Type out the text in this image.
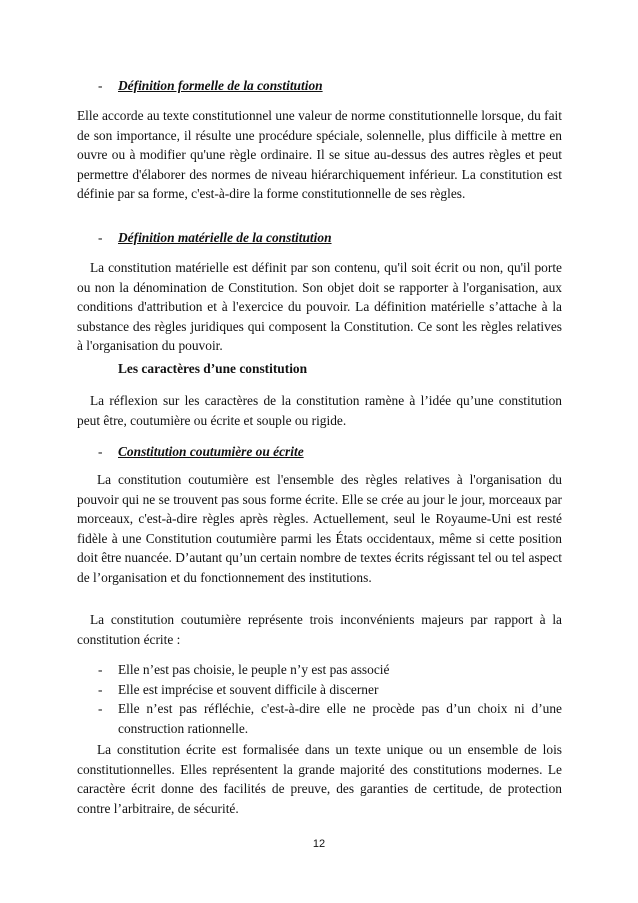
- Définition formelle de la constitution
Elle accorde au texte constitutionnel une valeur de norme constitutionnelle lorsque, du fait de son importance, il résulte une procédure spéciale, solennelle, plus difficile à mettre en ouvre ou à modifier qu'une règle ordinaire. Il se situe au-dessus des autres règles et peut permettre d'élaborer des normes de niveau hiérarchiquement inférieur. La constitution est définie par sa forme, c'est-à-dire la forme constitutionnelle de ses règles.
- Définition matérielle de la constitution
La constitution matérielle est définit par son contenu, qu'il soit écrit ou non, qu'il porte ou non la dénomination de Constitution. Son objet doit se rapporter à l'organisation, aux conditions d'attribution et à l'exercice du pouvoir. La définition matérielle s’attache à la substance des règles juridiques qui composent la Constitution. Ce sont les règles relatives à l'organisation du pouvoir.
Les caractères d’une constitution
La réflexion sur les caractères de la constitution ramène à l’idée qu’une constitution peut être, coutumière ou écrite et souple ou rigide.
- Constitution coutumière ou écrite
La constitution coutumière est l'ensemble des règles relatives à l'organisation du pouvoir qui ne se trouvent pas sous forme écrite. Elle se crée au jour le jour, morceaux par morceaux, c'est-à-dire règles après règles. Actuellement, seul le Royaume-Uni est resté fidèle à une Constitution coutumière parmi les États occidentaux, même si cette position doit être nuancée. D’autant qu’un certain nombre de textes écrits régissant tel ou tel aspect de l’organisation et du fonctionnement des institutions.
La constitution coutumière représente trois inconvénients majeurs par rapport à la constitution écrite :
-	Elle n’est pas choisie, le peuple n’y est pas associé
-	Elle est imprécise et souvent difficile à discerner
-	Elle n’est pas réfléchie, c'est-à-dire elle ne procède pas d’un choix ni d’une construction rationnelle.
La constitution écrite est formalisée dans un texte unique ou un ensemble de lois constitutionnelles. Elles représentent la grande majorité des constitutions modernes. Le caractère écrit donne des facilités de preuve, des garanties de certitude, de protection contre l’arbitraire, de sécurité.
12
